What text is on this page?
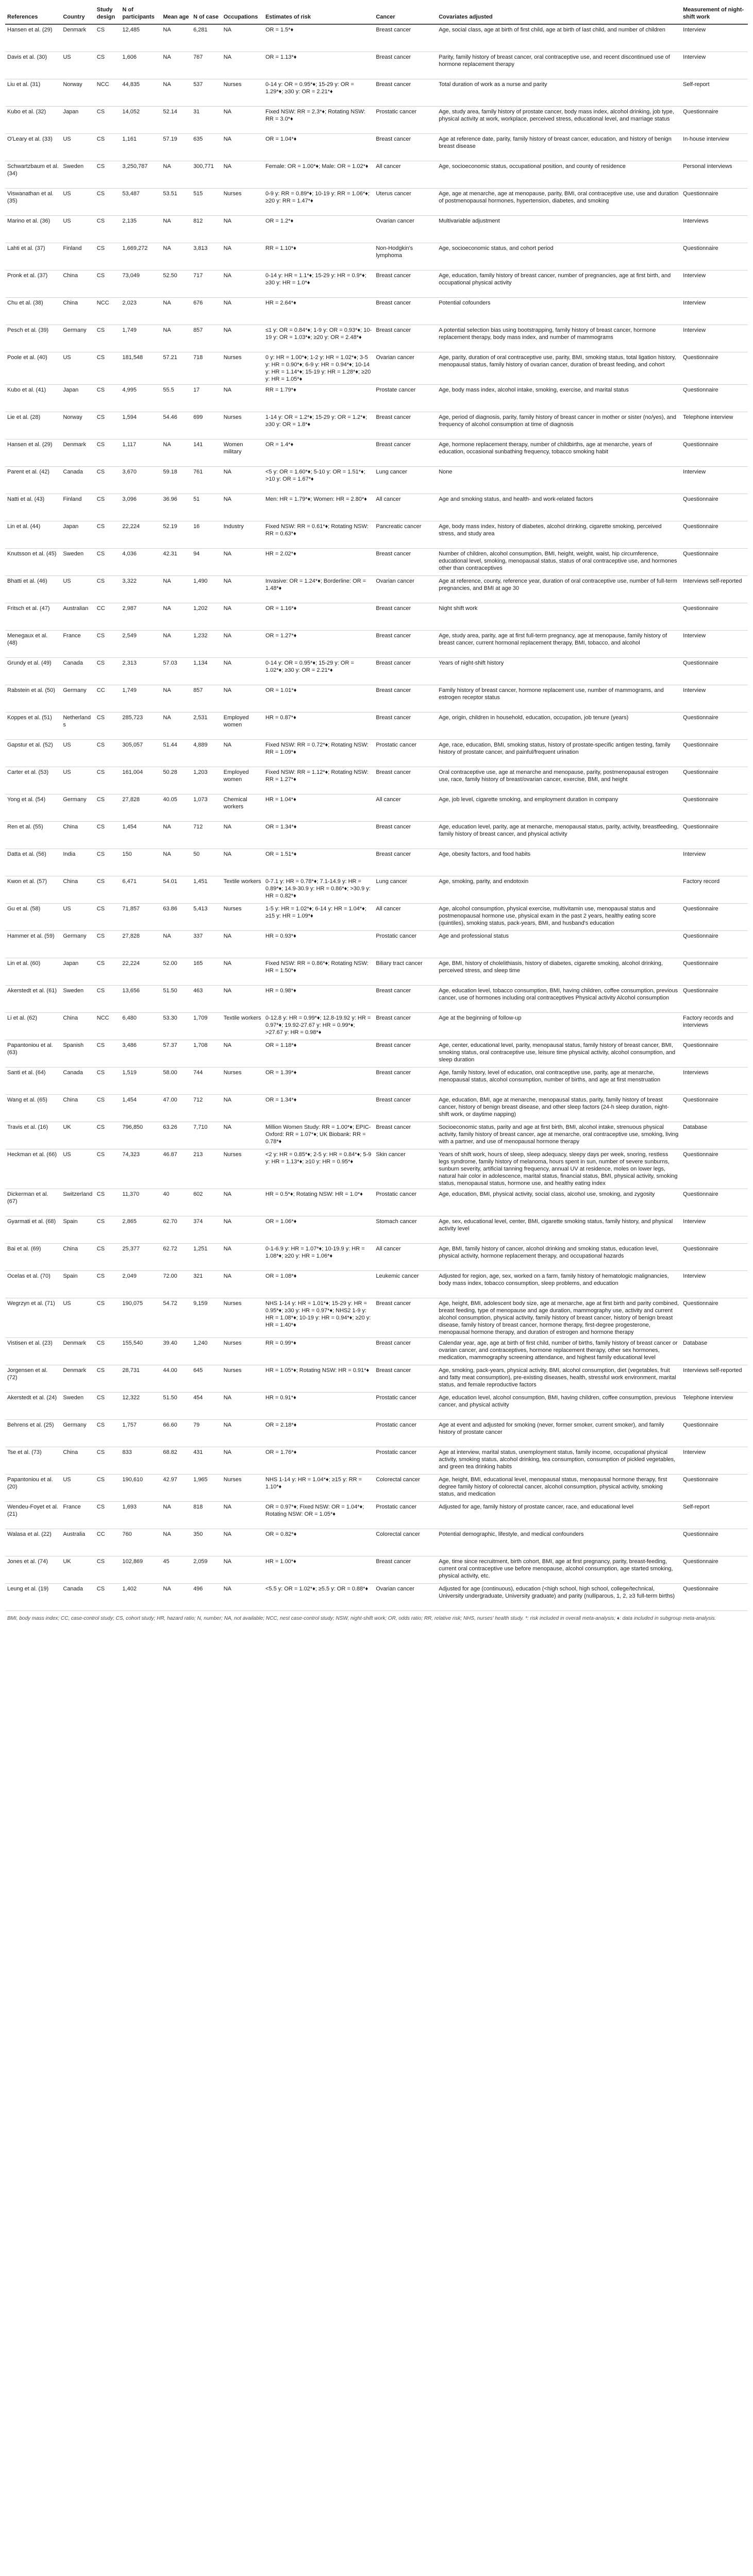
References	Country	Study design	N of participants	Mean age	N of case	Occupations	Estimates of risk	Cancer	Covariates adjusted	Measurement of night-shift work
Hansen et al. (29)	Denmark	CS	12,485	NA	6,281	NA	OR = 1.5*♦	Breast cancer	Age, social class, age at birth of first child, age at birth of last child, and number of children	Interview
Davis et al. (30)	US	CS	1,606	NA	767	NA	OR = 1.13*♦	Breast cancer	Parity, family history of breast cancer, oral contraceptive use, and recent discontinued use of hormone replacement therapy	Interview
Liu et al. (31)	Norway	NCC	44,835	NA	537	Nurses	0-14 y: OR = 0.95*♦; 15-29 y: OR = 1.29*♦; ≥30 y: OR = 2.21*♦	Breast cancer	Total duration of work as a nurse and parity	Self-report
Kubo et al. (32)	Japan	CS	14,052	52.14	31	NA	Fixed NSW: RR = 2.3*♦; Rotating NSW: RR = 3.0*♦	Prostatic cancer	Age, study area, family history of prostate cancer, body mass index, alcohol drinking, job type, physical activity at work, workplace, perceived stress, educational level, and marriage status	Questionnaire
O'Leary et al. (33)	US	CS	1,161	57.19	635	NA	OR = 1.04*♦	Breast cancer	Age at reference date, parity, family history of breast cancer, education, and history of benign breast disease	In-house interview
Schwartzbaum et al. (34)	Sweden	CS	3,250,787	NA	300,771	NA	Female: OR = 1.00*♦; Male: OR = 1.02*♦	All cancer	Age, socioeconomic status, occupational position, and county of residence	Personal interviews
Viswanathan et al. (35)	US	CS	53,487	53.51	515	Nurses	0-9 y: RR = 0.89*♦; 10-19 y: RR = 1.06*♦; ≥20 y: RR = 1.47*♦	Uterus cancer	Age, age at menarche, age at menopause, parity, BMI, oral contraceptive use, use and duration of postmenopausal hormones, hypertension, diabetes, and smoking	Questionnaire
Marino et al. (36)	US	CS	2,135	NA	812	NA	OR = 1.2*♦	Ovarian cancer	Multivariable adjustment	Interviews
Lahti et al. (37)	Finland	CS	1,669,272	NA	3,813	NA	RR = 1.10*♦	Non-Hodgkin's lymphoma	Age, socioeconomic status, and cohort period	Questionnaire
Pronk et al. (37)	China	CS	73,049	52.50	717	NA	0-14 y: HR = 1.1*♦; 15-29 y: HR = 0.9*♦; ≥30 y: HR = 1.0*♦	Breast cancer	Age, education, family history of breast cancer, number of pregnancies, age at first birth, and occupational physical activity	Interview
Chu et al. (38)	China	NCC	2,023	NA	676	NA	HR = 2.64*♦	Breast cancer	Potential cofounders	Interview
Pesch et al. (39)	Germany	CS	1,749	NA	857	NA	≤1 y: OR = 0.84*♦; 1-9 y: OR = 0.93*♦; 10-19 y: OR = 1.03*♦; ≥20 y: OR = 2.48*♦	Breast cancer	A potential selection bias using bootstrapping, family history of breast cancer, hormone replacement therapy, body mass index, and number of mammograms	Interview
Poole et al. (40)	US	CS	181,548	57.21	718	Nurses	0 y: HR = 1.00*♦; 1-2 y: HR = 1.02*♦; 3-5 y: HR = 0.90*♦; 6-9 y: HR = 0.94*♦; 10-14 y: HR = 1.14*♦; 15-19 y: HR = 1.28*♦; ≥20 y: HR = 1.05*♦	Ovarian cancer	Age, parity, duration of oral contraceptive use, parity, BMI, smoking status, total ligation history, menopausal status, family history of ovarian cancer, duration of breast feeding, and cohort	Questionnaire
Kubo et al. (41)	Japan	CS	4,995	55.5	17	NA	RR = 1.79*♦	Prostate cancer	Age, body mass index, alcohol intake, smoking, exercise, and marital status	Questionnaire
Lie et al. (28)	Norway	CS	1,594	54.46	699	Nurses	1-14 y: OR = 1.2*♦; 15-29 y: OR = 1.2*♦; ≥30 y: OR = 1.8*♦	Breast cancer	Age, period of diagnosis, parity, family history of breast cancer in mother or sister (no/yes), and frequency of alcohol consumption at time of diagnosis	Telephone interview
Hansen et al. (29)	Denmark	CS	1,117	NA	141	Women military	OR = 1.4*♦	Breast cancer	Age, hormone replacement therapy, number of childbirths, age at menarche, years of education, occasional sunbathing frequency, tobacco smoking habit	Questionnaire
Parent et al. (42)	Canada	CS	3,670	59.18	761	NA	<5 y: OR = 1.60*♦; 5-10 y: OR = 1.51*♦; >10 y: OR = 1.67*♦	Lung cancer	None	Interview
Natti et al. (43)	Finland	CS	3,096	36.96	51	NA	Men: HR = 1.79*♦; Women: HR = 2.80*♦	All cancer	Age and smoking status, and health- and work-related factors	Questionnaire
Lin et al. (44)	Japan	CS	22,224	52.19	16	Industry	Fixed NSW: RR = 0.61*♦; Rotating NSW: RR = 0.63*♦	Pancreatic cancer	Age, body mass index, history of diabetes, alcohol drinking, cigarette smoking, perceived stress, and study area	Questionnaire
Knutsson et al. (45)	Sweden	CS	4,036	42.31	94	NA	HR = 2.02*♦	Breast cancer	Number of children, alcohol consumption, BMI, height, weight, waist, hip circumference, educational level, smoking, menopausal status, status of oral contraceptive use, and hormones other than contraceptives	Questionnaire
Bhatti et al. (46)	US	CS	3,322	NA	1,490	NA	Invasive: OR = 1.24*♦; Borderline: OR = 1.48*♦	Ovarian cancer	Age at reference, county, reference year, duration of oral contraceptive use, number of full-term pregnancies, and BMI at age 30	Interviews self-reported
Fritsch et al. (47)	Australian	CC	2,987	NA	1,202	NA	OR = 1.16*♦	Breast cancer	Night shift work	Questionnaire
Menegaux et al. (48)	France	CS	2,549	NA	1,232	NA	OR = 1.27*♦	Breast cancer	Age, study area, parity, age at first full-term pregnancy, age at menopause, family history of breast cancer, current hormonal replacement therapy, BMI, tobacco, and alcohol	Interview
Grundy et al. (49)	Canada	CS	2,313	57.03	1,134	NA	0-14 y: OR = 0.95*♦; 15-29 y: OR = 1.02*♦; ≥30 y: OR = 2.21*♦	Breast cancer	Years of night-shift history	Questionnaire
Rabstein et al. (50)	Germany	CC	1,749	NA	857	NA	OR = 1.01*♦	Breast cancer	Family history of breast cancer, hormone replacement use, number of mammograms, and estrogen receptor status	Interview
Koppes et al. (51)	Netherlands	CS	285,723	NA	2,531	Employed women	HR = 0.87*♦	Breast cancer	Age, origin, children in household, education, occupation, job tenure (years)	Questionnaire
Gapstur et al. (52)	US	CS	305,057	51.44	4,889	NA	Fixed NSW: RR = 0.72*♦; Rotating NSW: RR = 1.09*♦	Prostatic cancer	Age, race, education, BMI, smoking status, history of prostate-specific antigen testing, family history of prostate cancer, and painful/frequent urination	Questionnaire
Carter et al. (53)	US	CS	161,004	50.28	1,203	Employed women	Fixed NSW: RR = 1.12*♦; Rotating NSW: RR = 1.27*♦	Breast cancer	Oral contraceptive use, age at menarche and menopause, parity, postmenopausal estrogen use, race, family history of breast/ovarian cancer, exercise, BMI, and height	Questionnaire
Yong et al. (54)	Germany	CS	27,828	40.05	1,073	Chemical workers	HR = 1.04*♦	All cancer	Age, job level, cigarette smoking, and employment duration in company	Questionnaire
Ren et al. (55)	China	CS	1,454	NA	712	NA	OR = 1.34*♦	Breast cancer	Age, education level, parity, age at menarche, menopausal status, parity, activity, breastfeeding, family history of breast cancer, and physical activity	Questionnaire
Datta et al. (56)	India	CS	150	NA	50	NA	OR = 1.51*♦	Breast cancer	Age, obesity factors, and food habits	Interview
Kwon et al. (57)	China	CS	6,471	54.01	1,451	Textile workers	0-7.1 y: HR = 0.78*♦; 7.1-14.9 y: HR = 0.89*♦; 14.9-30.9 y: HR = 0.86*♦; >30.9 y: HR = 0.82*♦	Lung cancer	Age, smoking, parity, and endotoxin	Factory record
Gu et al. (58)	US	CS	71,857	63.86	5,413	Nurses	1-5 y: HR = 1.02*♦; 6-14 y: HR = 1.04*♦; ≥15 y: HR = 1.09*♦	All cancer	Age, alcohol consumption, physical exercise, multivitamin use, menopausal status and postmenopausal hormone use, physical exam in the past 2 years, healthy eating score (quintiles), smoking status, pack-years, BMI, and husband's education	Questionnaire
Hammer et al. (59)	Germany	CS	27,828	NA	337	NA	HR = 0.93*♦	Prostatic cancer	Age and professional status	Questionnaire
Lin et al. (60)	Japan	CS	22,224	52.00	165	NA	Fixed NSW: RR = 0.86*♦; Rotating NSW: HR = 1.50*♦	Biliary tract cancer	Age, BMI, history of cholelithiasis, history of diabetes, cigarette smoking, alcohol drinking, perceived stress, and sleep time	Questionnaire
Akerstedt et al. (61)	Sweden	CS	13,656	51.50	463	NA	HR = 0.98*♦	Breast cancer	Age, education level, tobacco consumption, BMI, having children, coffee consumption, previous cancer, use of hormones including oral contraceptives Physical activity Alcohol consumption	Questionnaire
Li et al. (62)	China	NCC	6,480	53.30	1,709	Textile workers	0-12.8 y: HR = 0.99*♦; 12.8-19.92 y: HR = 0.97*♦; 19.92-27.67 y: HR = 0.99*♦; >27.67 y: HR = 0.98*♦	Breast cancer	Age at the beginning of follow-up	Factory records and interviews
Papantoniou et al. (63)	Spanish	CS	3,486	57.37	1,708	NA	OR = 1.18*♦	Breast cancer	Age, center, educational level, parity, menopausal status, family history of breast cancer, BMI, smoking status, oral contraceptive use, leisure time physical activity, alcohol consumption, and sleep duration	Questionnaire
Santi et al. (64)	Canada	CS	1,519	58.00	744	Nurses	OR = 1.39*♦	Breast cancer	Age, family history, level of education, oral contraceptive use, parity, age at menarche, menopausal status, alcohol consumption, number of births, and age at first menstruation	Interviews
Wang et al. (65)	China	CS	1,454	47.00	712	NA	OR = 1.34*♦	Breast cancer	Age, education, BMI, age at menarche, menopausal status, parity, family history of breast cancer, history of benign breast disease, and other sleep factors (24-h sleep duration, night-shift work, or daytime napping)	Questionnaire
Travis et al. (16)	UK	CS	796,850	63.26	7,710	NA	Million Women Study: RR = 1.00*♦; EPIC-Oxford: RR = 1.07*♦; UK Biobank: RR = 0.78*♦	Breast cancer	Socioeconomic status, parity and age at first birth, BMI, alcohol intake, strenuous physical activity, family history of breast cancer, age at menarche, oral contraceptive use, smoking, living with a partner, and use of menopausal hormone therapy	Database
Heckman et al. (66)	US	CS	74,323	46.87	213	Nurses	<2 y: HR = 0.85*♦; 2-5 y: HR = 0.84*♦; 5-9 y: HR = 1.13*♦; ≥10 y: HR = 0.95*♦	Skin cancer	Years of shift work, hours of sleep, sleep adequacy, sleepy days per week, snoring, restless legs syndrome, family history of melanoma, hours spent in sun, number of severe sunburns, sunburn severity, artificial tanning frequency, annual UV at residence, moles on lower legs, natural hair color in adolescence, marital status, financial status, BMI, physical activity, smoking status, menopausal status, hormone use, and healthy eating index	Questionnaire
Dickerman et al. (67)	Switzerland	CS	11,370	40	602	NA	HR = 0.5*♦; Rotating NSW: HR = 1.0*♦	Prostatic cancer	Age, education, BMI, physical activity, social class, alcohol use, smoking, and zygosity	Questionnaire
Gyarmati et al. (68)	Spain	CS	2,865	62.70	374	NA	OR = 1.06*♦	Stomach cancer	Age, sex, educational level, center, BMI, cigarette smoking status, family history, and physical activity level	Interview
Bai et al. (69)	China	CS	25,377	62.72	1,251	NA	0-1-6.9 y: HR = 1.07*♦; 10-19.9 y: HR = 1.08*♦; ≥20 y: HR = 1.06*♦	All cancer	Age, BMI, family history of cancer, alcohol drinking and smoking status, education level, physical activity, hormone replacement therapy, and occupational hazards	Questionnaire
Ocelas et al. (70)	Spain	CS	2,049	72.00	321	NA	OR = 1.08*♦	Leukemic cancer	Adjusted for region, age, sex, worked on a farm, family history of hematologic malignancies, body mass index, tobacco consumption, sleep problems, and education	Interview
Wegrzyn et al. (71)	US	CS	190,075	54.72	9,159	Nurses	NHS 1-14 y: HR = 1.01*♦; 15-29 y: HR = 0.95*♦; ≥30 y: HR = 0.97*♦; NHS2 1-9 y: HR = 1.08*♦; 10-19 y: HR = 0.94*♦; ≥20 y: HR = 1.40*♦	Breast cancer	Age, height, BMI, adolescent body size, age at menarche, age at first birth and parity combined, breast feeding, type of menopause and age duration, mammography use, activity and current alcohol consumption, physical activity, family history of breast cancer, history of benign breast disease, family history of breast cancer, hormone therapy, first-degree progesterone, menopausal hormone therapy, and duration of estrogen and hormone therapy	Questionnaire
Vistisen et al. (23)	Denmark	CS	155,540	39.40	1,240	Nurses	RR = 0.99*♦	Breast cancer	Calendar year, age, age at birth of first child, number of births, family history of breast cancer or ovarian cancer, and contraceptives, hormone replacement therapy, other sex hormones, medication, mammography screening attendance, and highest family educational level	Database
Jorgensen et al. (72)	Denmark	CS	28,731	44.00	645	Nurses	HR = 1.05*♦; Rotating NSW: HR = 0.91*♦	Breast cancer	Age, smoking, pack-years, physical activity, BMI, alcohol consumption, diet (vegetables, fruit and fatty meat consumption), pre-existing diseases, health, stressful work environment, marital status, and female reproductive factors	Interviews self-reported
Akerstedt et al. (24)	Sweden	CS	12,322	51.50	454	NA	HR = 0.91*♦	Prostatic cancer	Age, education level, alcohol consumption, BMI, having children, coffee consumption, previous cancer, and physical activity	Telephone interview
Behrens et al. (25)	Germany	CS	1,757	66.60	79	NA	OR = 2.18*♦	Prostatic cancer	Age at event and adjusted for smoking (never, former smoker, current smoker), and family history of prostate cancer	Questionnaire
Tse et al. (73)	China	CS	833	68.82	431	NA	OR = 1.76*♦	Prostatic cancer	Age at interview, marital status, unemployment status, family income, occupational physical activity, smoking status, alcohol drinking, tea consumption, consumption of pickled vegetables, and green tea drinking habits	Interview
Papantoniou et al. (20)	US	CS	190,610	42.97	1,965	Nurses	NHS 1-14 y: HR = 1.04*♦; ≥15 y: RR = 1.10*♦	Colorectal cancer	Age, height, BMI, educational level, menopausal status, menopausal hormone therapy, first degree family history of colorectal cancer, alcohol consumption, physical activity, smoking status, and medication	Questionnaire
Wendeu-Foyet et al. (21)	France	CS	1,693	NA	818	NA	OR = 0.97*♦; Fixed NSW: OR = 1.04*♦; Rotating NSW: OR = 1.05*♦	Prostatic cancer	Adjusted for age, family history of prostate cancer, race, and educational level	Self-report
Walasa et al. (22)	Australia	CC	760	NA	350	NA	OR = 0.82*♦	Colorectal cancer	Potential demographic, lifestyle, and medical confounders	Questionnaire
Jones et al. (74)	UK	CS	102,869	45	2,059	NA	HR = 1.00*♦	Breast cancer	Age, time since recruitment, birth cohort, BMI, age at first pregnancy, parity, breast-feeding, current oral contraceptive use before menopause, alcohol consumption, age started smoking, physical activity, etc.	Questionnaire
Leung et al. (19)	Canada	CS	1,402	NA	496	NA	<5.5 y: OR = 1.02*♦; ≥5.5 y: OR = 0.88*♦	Ovarian cancer	Adjusted for age (continuous), education (<high school, high school, college/technical, University undergraduate, University graduate) and parity (nulliparous, 1, 2, ≥3 full-term births)	Questionnaire
BMI, body mass index; CC, case-control study; CS, cohort study; HR, hazard ratio; N, number; NA, not available; NCC, nest case-control study; NSW, night-shift work; OR, odds ratio; RR, relative risk; NHS, nurses' health study. *: risk included in overall meta-analysis; ♦: data included in subgroup meta-analysis.
